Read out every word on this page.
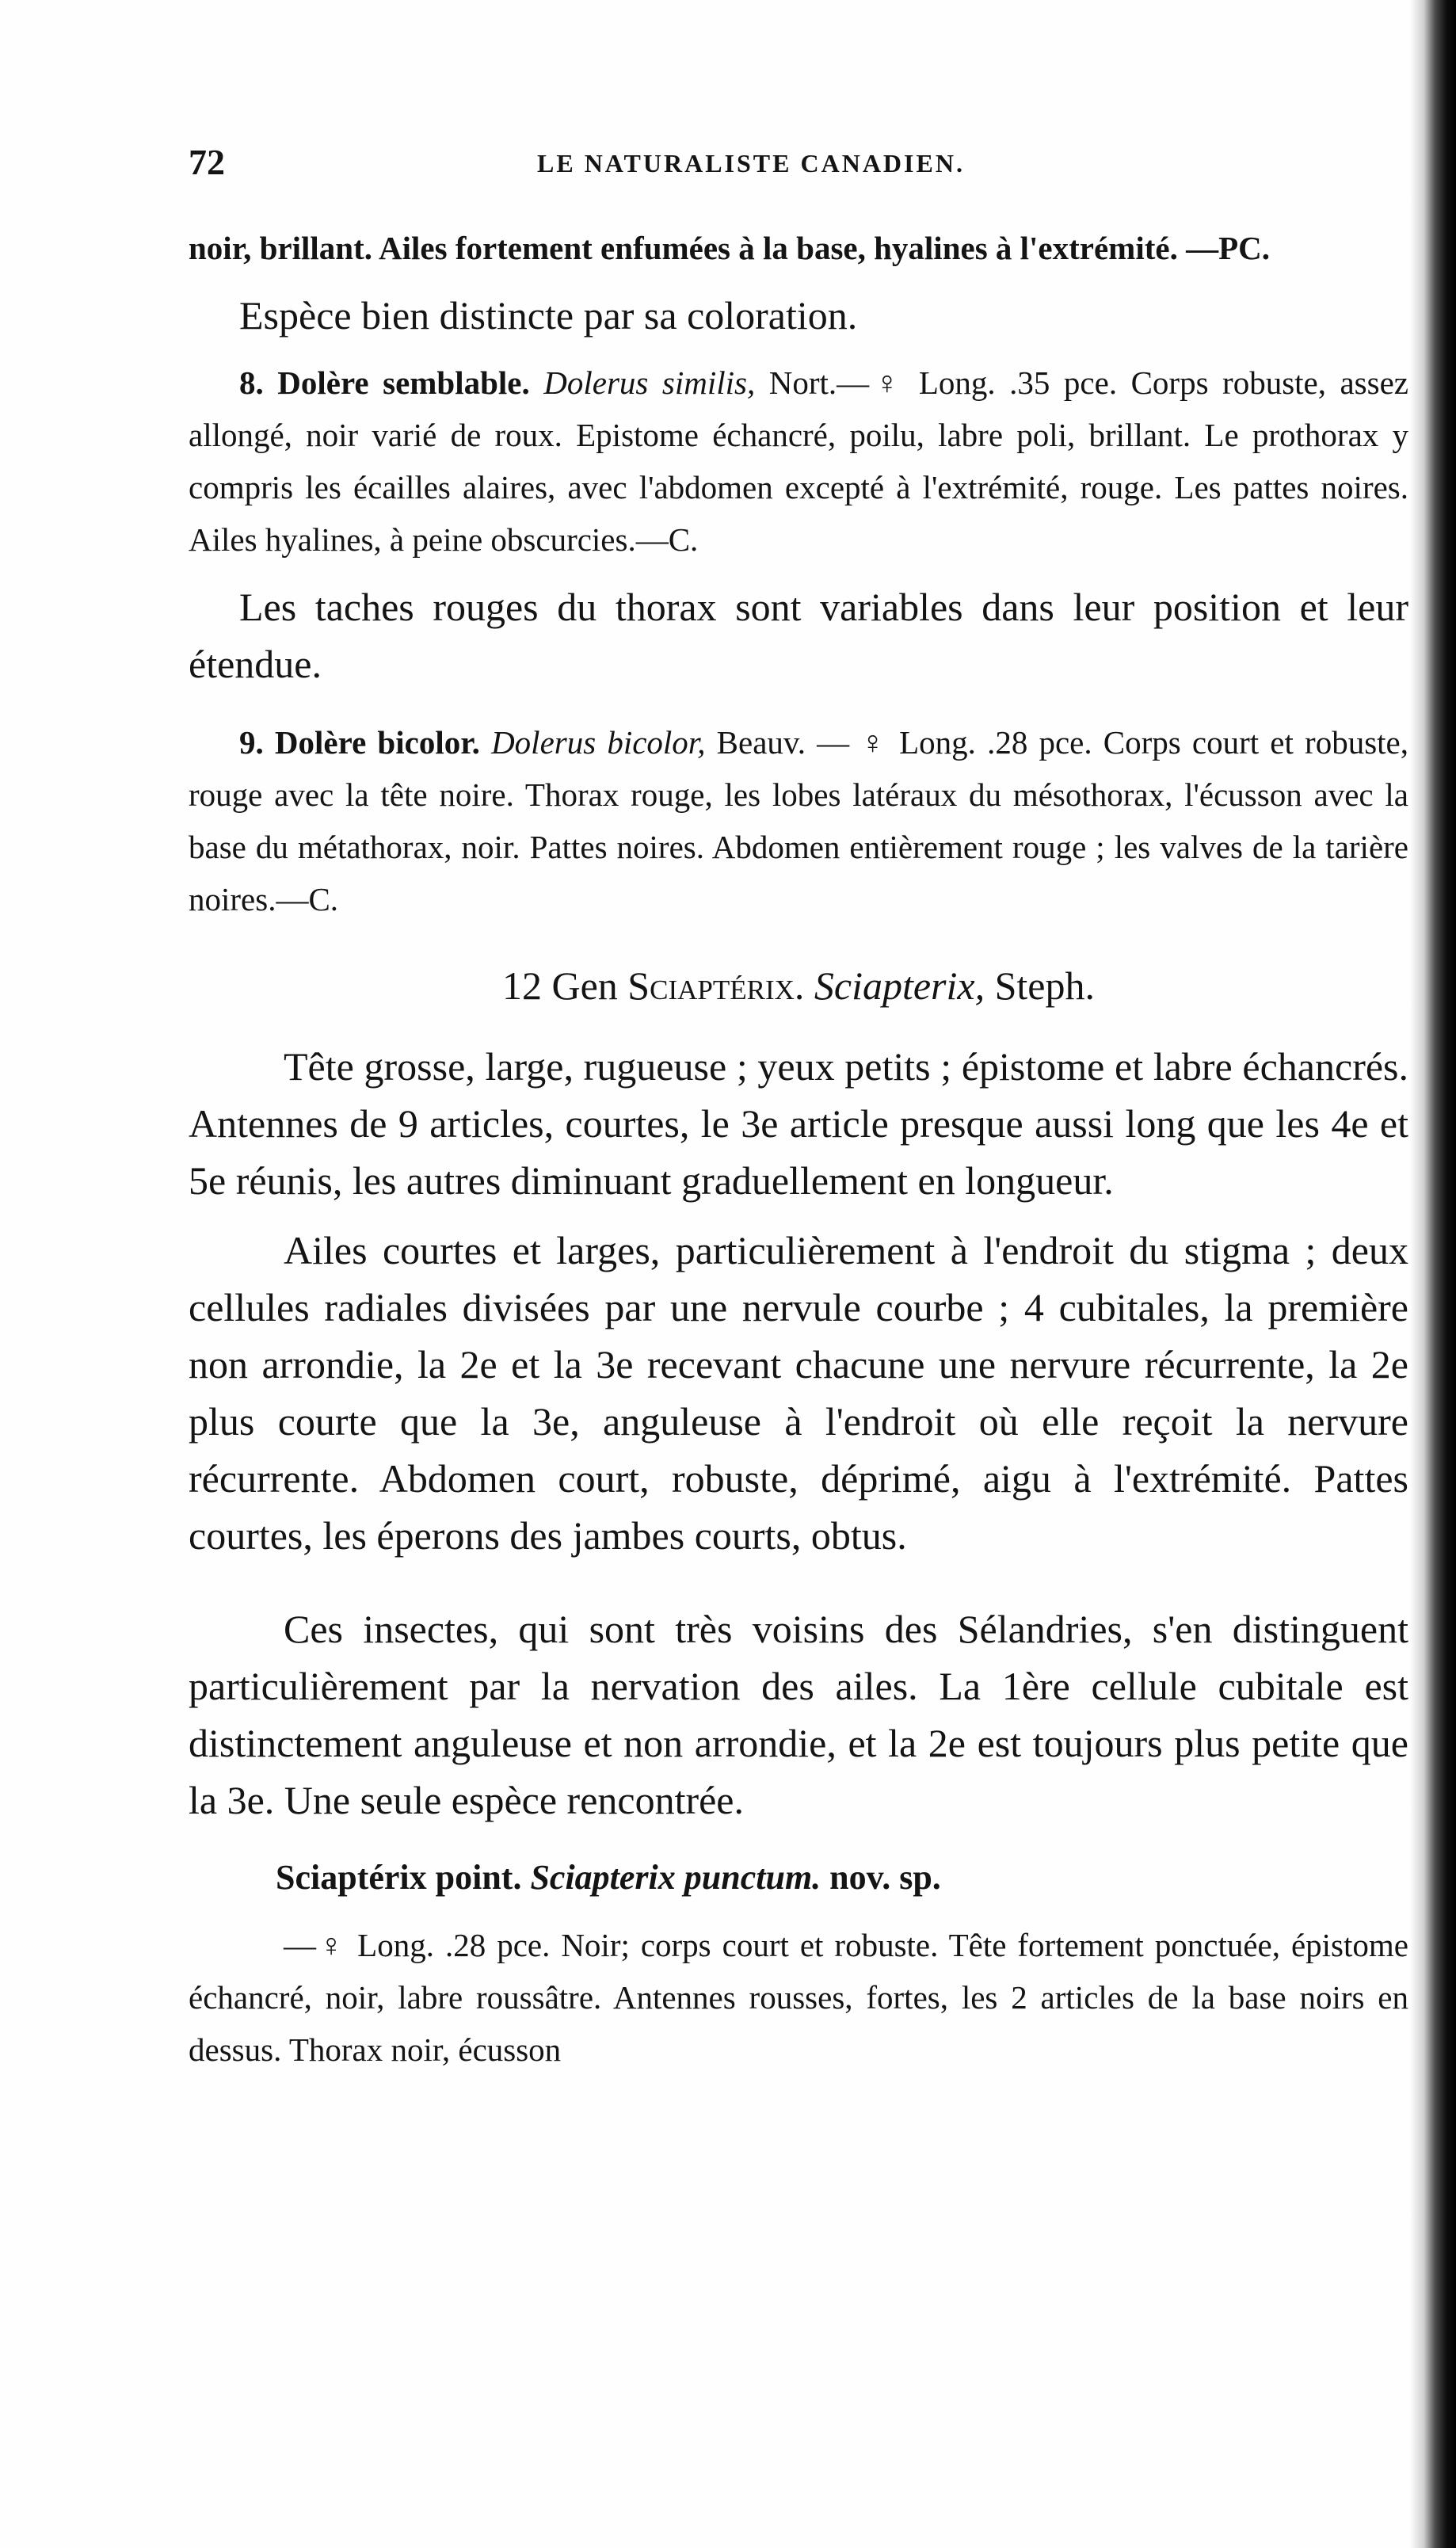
72	LE NATURALISTE CANADIEN.

noir, brillant. Ailes fortement enfumées à la base, hyalines à l'extrémité. —PC.

Espèce bien distincte par sa coloration.

8. Dolère semblable. Dolerus similis, Nort.—♀ Long. .35 pce. Corps robuste, assez allongé, noir varié de roux. Epistome échancré, poilu, labre poli, brillant. Le prothorax y compris les écailles alaires, avec l'abdomen excepté à l'extrémité, rouge. Les pattes noires. Ailes hyalines, à peine obscurcies.—C.

Les taches rouges du thorax sont variables dans leur position et leur étendue.

9. Dolère bicolor. Dolerus bicolor, Beauv. — ♀ Long. .28 pce. Corps court et robuste, rouge avec la tête noire. Thorax rouge, les lobes latéraux du mésothorax, l'écusson avec la base du métathorax, noir. Pattes noires. Abdomen entièrement rouge ; les valves de la tarière noires.—C.

12 Gen Sciaptérix. Sciapterix, Steph.

Tête grosse, large, rugueuse ; yeux petits ; épistome et labre échancrés. Antennes de 9 articles, courtes, le 3e article presque aussi long que les 4e et 5e réunis, les autres diminuant graduellement en longueur.

Ailes courtes et larges, particulièrement à l'endroit du stigma ; deux cellules radiales divisées par une nervule courbe ; 4 cubitales, la première non arrondie, la 2e et la 3e recevant chacune une nervure récurrente, la 2e plus courte que la 3e, anguleuse à l'endroit où elle reçoit la nervure récurrente. Abdomen court, robuste, déprimé, aigu à l'extrémité. Pattes courtes, les éperons des jambes courts, obtus.

Ces insectes, qui sont très voisins des Sélandries, s'en distinguent particulièrement par la nervation des ailes. La 1ère cellule cubitale est distinctement anguleuse et non arrondie, et la 2e est toujours plus petite que la 3e. Une seule espèce rencontrée.

Sciaptérix point. Sciapterix punctum. nov. sp.

—♀ Long. .28 pce. Noir; corps court et robuste. Tête fortement ponctuée, épistome échancré, noir, labre roussâtre. Antennes rousses, fortes, les 2 articles de la base noirs en dessus. Thorax noir, écusson
